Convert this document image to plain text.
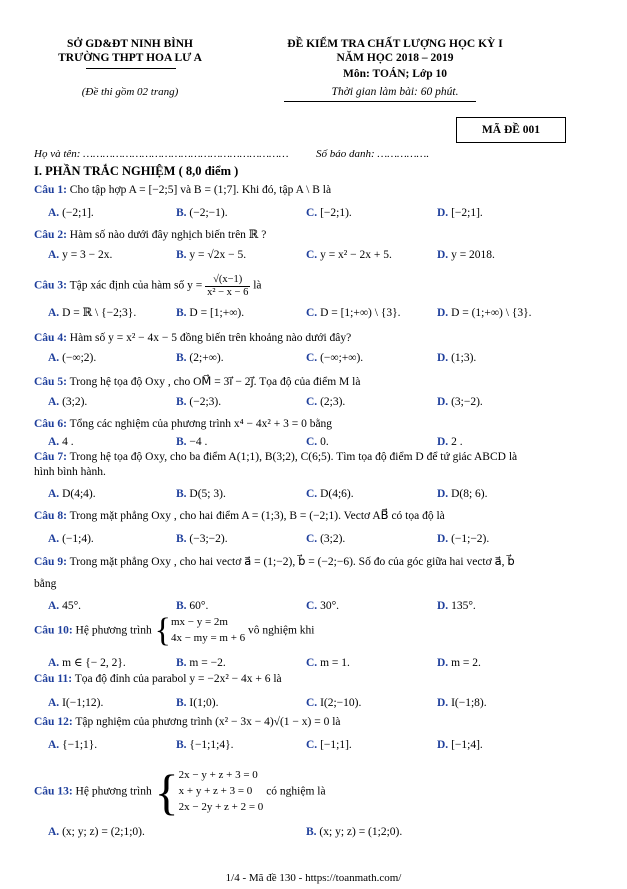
SỞ GD&ĐT NINH BÌNH
TRƯỜNG THPT HOA LƯ A
(Đề thi gồm 02 trang)
ĐỀ KIỂM TRA CHẤT LƯỢNG HỌC KỲ I
NĂM HỌC 2018 – 2019
Môn: TOÁN; Lớp 10
Thời gian làm bài: 60 phút.
MÃ ĐỀ 001
Họ và tên: ……………………………………………………… Số báo danh: …………….
I. PHẦN TRẮC NGHIỆM ( 8,0 điểm )
Câu 1: Cho tập hợp A = [−2;5] và B = (1;7]. Khi đó, tập A \ B là
A. (−2;1].	B. (−2;−1).	C. [−2;1).	D. [−2;1].
Câu 2: Hàm số nào dưới đây nghịch biến trên ℝ ?
A. y = 3 − 2x.	B. y = √2x − 5.	C. y = x² − 2x + 5.	D. y = 2018.
Câu 3: Tập xác định của hàm số $y = \frac{√(x-1)}{\text{x² − x − 6}}$ là
A. D = ℝ \ {−2;3}.	B. D = [1;+∞).	C. D = [1;+∞) \ {3}.	D. D = (1;+∞) \ {3}.
Câu 4: Hàm số y = x² − 4x − 5 đồng biến trên khoảng nào dưới đây?
A. (−∞;2).	B. (2;+∞).	C. (−∞;+∞).	D. (1;3).
Câu 5: Trong hệ tọa độ Oxy , cho OM⃗ = 3i⃗ − 2j⃗. Tọa độ của điểm M là
A. (3;2).	B. (−2;3).	C. (2;3).	D. (3;−2).
Câu 6: Tổng các nghiệm của phương trình x⁴ − 4x² + 3 = 0 bằng
A. 4 .	B. −4 .	C. 0.	D. 2 .
Câu 7: Trong hệ tọa độ Oxy, cho ba điểm A(1;1), B(3;2), C(6;5). Tìm tọa độ điểm D để tứ giác ABCD là
hình bình hành.
A. D(4;4).	B. D(5; 3).	C. D(4;6).	D. D(8; 6).
Câu 8: Trong mặt phẳng Oxy , cho hai điểm A = (1;3), B = (−2;1). Vectơ AB⃗ có tọa độ là
A. (−1;4).	B. (−3;−2).	C. (3;2).	D. (−1;−2).
Câu 9: Trong mặt phẳng Oxy , cho hai vectơ a⃗ = (1;−2), b⃗ = (−2;−6). Số đo của góc giữa hai vectơ a⃗, b⃗
bằng
A. 45°.	B. 60°.	C. 30°.	D. 135°.
Câu 10: Hệ phương trình { mx − y = 2m
4x − my = m + 6
vô nghiệm khi
A. m ∈ {− 2, 2}.	B. m = −2.	C. m = 1.	D. m = 2.
Câu 11: Tọa độ đỉnh của parabol y = −2x² − 4x + 6 là
A. I(−1;12).	B. I(1;0).	C. I(2;−10).	D. I(−1;8).
Câu 12: Tập nghiệm của phương trình (x² − 3x − 4)√(1 − x) = 0 là
A. {−1;1}.	B. {−1;1;4}.	C. [−1;1].	D. [−1;4].
Câu 13: Hệ phương trình { 2x − y + z + 3 = 0
x + y + z + 3 = 0
2x − 2y + z + 2 = 0
có nghiệm là
A. (x; y; z) = (2;1;0).	B. (x; y; z) = (1;2;0).
1/4 - Mã đề 130 - https://toanmath.com/
